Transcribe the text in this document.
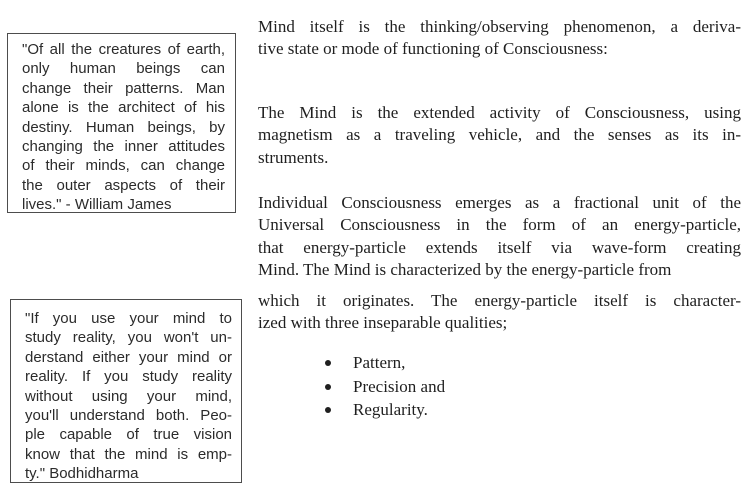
"Of all the creatures of earth,
only human beings can
change their patterns. Man
alone is the architect of his
destiny. Human beings, by
changing the inner attitudes
of their minds, can change
the outer aspects of their
lives." - William James
"If you use your mind to
study reality, you won't un-
derstand either your mind or
reality. If you study reality
without using your mind,
you'll understand both. Peo-
ple capable of true vision
know that the mind is emp-
ty." Bodhidharma
Mind itself is the thinking/observing phenomenon, a deriva-
tive state or mode of functioning of Consciousness:
The Mind is the extended activity of Consciousness, using
magnetism as a traveling vehicle, and the senses as its in-
struments.
Individual Consciousness emerges as a fractional unit of the
Universal Consciousness in the form of an energy-particle,
that energy-particle extends itself via wave-form creating
Mind. The Mind is characterized by the energy-particle from
which it originates. The energy-particle itself is character-
ized with three inseparable qualities;
Pattern,
Precision and
Regularity.
